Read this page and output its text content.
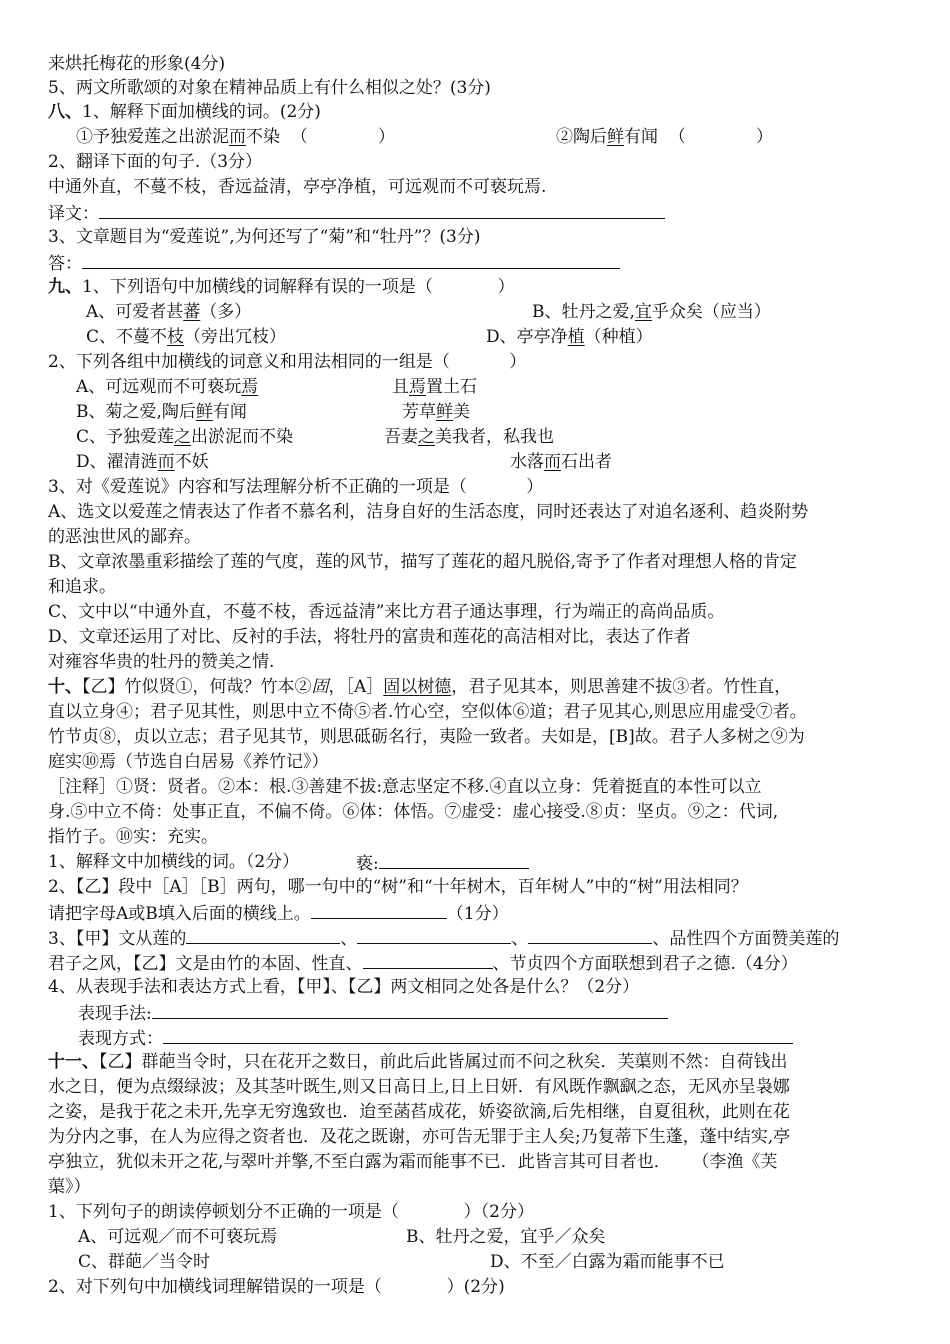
来烘托梅花的形象(4分)
5、两文所歌颂的对象在精神品质上有什么相似之处？(3分)
八、1、解释下面加横线的词。(2分)
①予独爱莲之出淤泥而不染  （             ）	②陶后鲜有闻  （             ）
2、翻译下面的句子.（3分）
中通外直，不蔓不枝，香远益清，亭亭净植，可远观而不可亵玩焉.
译文：
3、文章题目为“爱莲说”,为何还写了“菊”和“牡丹”？(3分)
答：
九、1、下列语句中加横线的词解释有误的一项是（            ）
A、可爱者甚蕃（多）	B、牡丹之爱,宜乎众矣（应当）
C、不蔓不枝（旁出冗枝）	D、亭亭净植（种植）
2、下列各组中加横线的词意义和用法相同的一组是（           ）
A、可远观而不可亵玩焉	且焉置土石
B、菊之爱,陶后鲜有闻	芳草鲜美
C、予独爱莲之出淤泥而不染	吾妻之美我者，私我也
D、濯清涟而不妖	水落而石出者
3、对《爱莲说》内容和写法理解分析不正确的一项是（           ）
A、选文以爱莲之情表达了作者不慕名利，洁身自好的生活态度，同时还表达了对追名逐利、趋炎附势
的恶浊世风的鄙弃。
B、文章浓墨重彩描绘了莲的气度，莲的风节，描写了莲花的超凡脱俗,寄予了作者对理想人格的肯定
和追求。
C、文中以“中通外直，不蔓不枝，香远益清”来比方君子通达事理，行为端正的高尚品质。
D、文章还运用了对比、反衬的手法，将牡丹的富贵和莲花的高洁相对比，表达了作者
对雍容华贵的牡丹的赞美之情.
十、【乙】竹似贤①，何哉？竹本②固，［A］固以树德，君子见其本，则思善建不拔③者。竹性直，
直以立身④；君子见其性，则思中立不倚⑤者.竹心空，空似体⑥道；君子见其心,则思应用虚受⑦者。
竹节贞⑧，贞以立志；君子见其节，则思砥砺名行，夷险一致者。夫如是，[B]故。君子人多树之⑨为
庭实⑩焉（节选自白居易《养竹记》）
［注释］①贤：贤者。②本：根.③善建不拔:意志坚定不移.④直以立身：凭着挺直的本性可以立
身.⑤中立不倚：处事正直，不偏不倚。⑥体：体悟。⑦虚受：虚心接受.⑧贞：坚贞。⑨之：代词,
指竹子。⑩实：充实。
1、解释文中加横线的词。（2分）	亵:
2、【乙】段中［A］［B］两句，哪一句中的“树”和“十年树木，百年树人”中的“树”用法相同？
请把字母A或B填入后面的横线上。	（1分）
3、【甲】文从莲的	、	、	、品性四个方面赞美莲的
君子之风，【乙】文是由竹的本固、性直、	、节贞四个方面联想到君子之德.（4分）
4、从表现手法和表达方式上看，【甲】、【乙】两文相同之处各是什么？（2分）
表现手法:
表现方式：
十一、【乙】群葩当令时，只在花开之数日，前此后此皆属过而不问之秋矣．芙蕖则不然：自荷钱出
水之日，便为点缀绿波；及其茎叶既生,则又日高日上,日上日妍．有风既作飘飖之态，无风亦呈袅娜
之姿，是我于花之未开,先享无穷逸致也．迨至菡萏成花，娇姿欲滴,后先相继，自夏徂秋，此则在花
为分内之事，在人为应得之资者也．及花之既谢，亦可告无罪于主人矣;乃复蒂下生蓬，蓬中结实,亭
亭独立，犹似未开之花,与翠叶并擎,不至白露为霜而能事不已．此皆言其可目者也．    （李渔《芙
蕖》）
1、下列句子的朗读停顿划分不正确的一项是（            ）（2分）
A、可远观／而不可亵玩焉	B、牡丹之爱，宜乎／众矣
C、群葩／当令时	D、不至／白露为霜而能事不已
2、对下列句中加横线词理解错误的一项是（            ）(2分)
